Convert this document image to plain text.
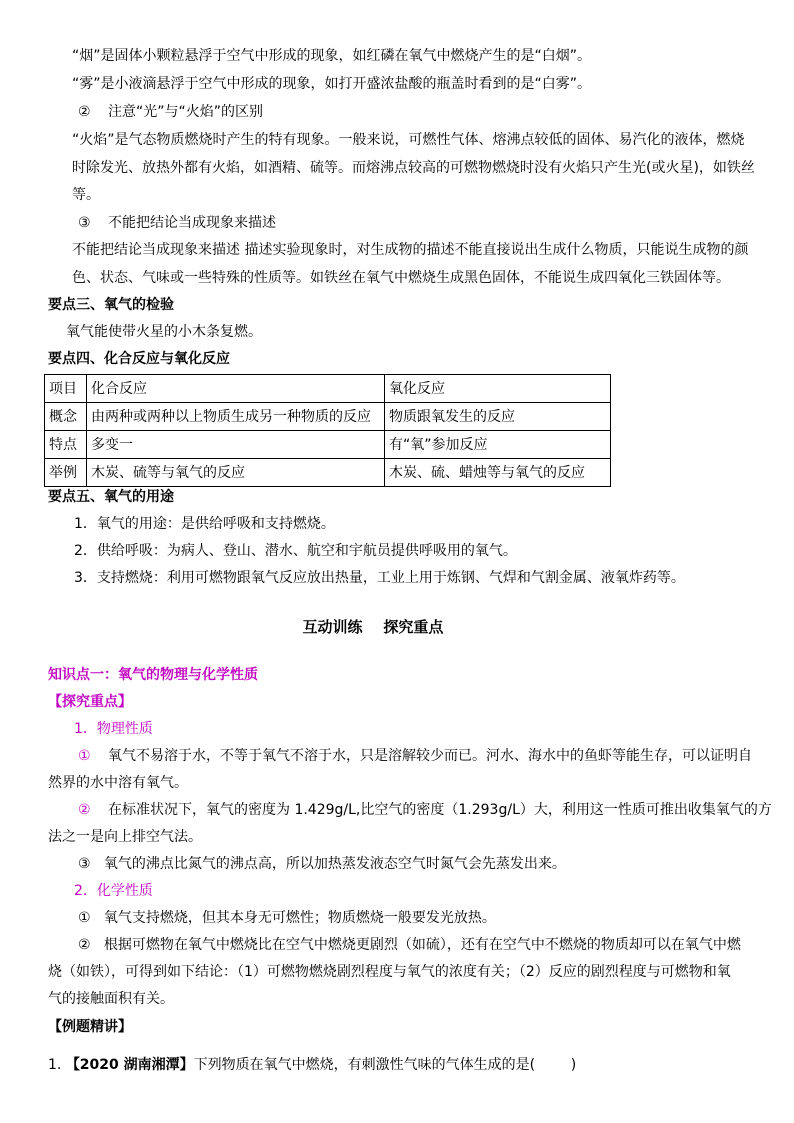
“烟”是固体小颗粒悬浮于空气中形成的现象，如红磷在氧气中燃烧产生的是“白烟”。
“雾”是小液滴悬浮于空气中形成的现象，如打开盛浓盐酸的瓶盖时看到的是“白雾”。
② 注意“光”与“火焰”的区别
“火焰”是气态物质燃烧时产生的特有现象。一般来说，可燃性气体、熔沸点较低的固体、易汽化的液体，燃烧
时除发光、放热外都有火焰，如酒精、硫等。而熔沸点较高的可燃物燃烧时没有火焰只产生光(或火星)，如铁丝
等。
③ 不能把结论当成现象来描述
不能把结论当成现象来描述 描述实验现象时，对生成物的描述不能直接说出生成什么物质，只能说生成物的颜
色、状态、气味或一些特殊的性质等。如铁丝在氧气中燃烧生成黑色固体，不能说生成四氧化三铁固体等。
要点三、氧气的检验
氧气能使带火星的小木条复燃。
要点四、化合反应与氧化反应
项目	化合反应	氧化反应
概念	由两种或两种以上物质生成另一种物质的反应	物质跟氧发生的反应
特点	多变一	有“氧”参加反应
举例	木炭、硫等与氧气的反应	木炭、硫、蜡烛等与氧气的反应
要点五、氧气的用途
1．氧气的用途：是供给呼吸和支持燃烧。
2．供给呼吸：为病人、登山、潜水、航空和宇航员提供呼吸用的氧气。
3．支持燃烧：利用可燃物跟氧气反应放出热量，工业上用于炼钢、气焊和气割金属、液氧炸药等。
互动训练    探究重点
知识点一：氧气的物理与化学性质
【探究重点】
1．物理性质
① 氧气不易溶于水，不等于氧气不溶于水，只是溶解较少而已。河水、海水中的鱼虾等能生存，可以证明自
然界的水中溶有氧气。
② 在标准状况下，氧气的密度为 1.429g/L,比空气的密度（1.293g/L）大，利用这一性质可推出收集氧气的方
法之一是向上排空气法。
③   氧气的沸点比氮气的沸点高，所以加热蒸发液态空气时氮气会先蒸发出来。
2．化学性质
①   氧气支持燃烧，但其本身无可燃性；物质燃烧一般要发光放热。
②   根据可燃物在氧气中燃烧比在空气中燃烧更剧烈（如硫），还有在空气中不燃烧的物质却可以在氧气中燃
烧（如铁），可得到如下结论：（1）可燃物燃烧剧烈程度与氧气的浓度有关；（2）反应的剧烈程度与可燃物和氧
气的接触面积有关。
【例题精讲】
1. 【2020 湖南湘潭】下列物质在氧气中燃烧，有刺激性气味的气体生成的是(        )
